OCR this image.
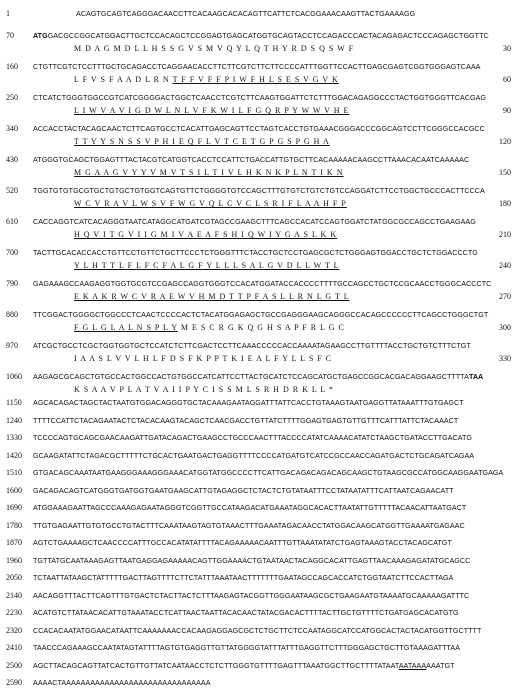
1	ACAGTGCAGTCAGGGACAACCTTCACAAGCACACAGTTCATTCTCACGGAAACAAGTTACTGAAAAGG
70	ATGGACGCCGGCATGGACTTGCTCCACAGCTCCGGAGTGAGCATGGTGCAGTACCTCCAGACCCACTACAGAGACTCCCAGAGCTGGTTC
M D A G M D L L H S S G V S M V Q Y L Q T H Y R D S Q S W F	30
160 CTGTTCGTCTCCTTTGCTGCAGACCTCAGGAACACCTTCTTCGTCTTCTTCCCCATTTGGTTCCACTTGAGCGAGTCGGTGGGAGTCAAA
L F V S F A A D L R N T F F V F F P I W F H L S E S V G V K	60
250 CTCATCTGGGTGGCCGTCATCGGGGACTGGCTCAACCTCGTCTTCAAGTGGATTCTCTTTGGACAGAGGCCCTACTGGTGGGTTCACGAG
L I W V A V I G D W L N L V F K W I L F G Q R P Y W W V H E	90
340 ACCACCTACTACAGCAACTCTTCAGTGCCTCACATTGAGCAGTTCCTAGTCACCTGTGAAACGGGACCCGGCAGTCCTTCGGGCCACGCC
T T Y Y S N S S V P H I E Q F L V T C E T G P G S P G H A	120
430 ATGGGTGCAGCTGGAGTTTACTACGTCATGGTCACCTCCATTCTGACCATTGTGCTTCACAAAAACAAGCCTTAAACACAATCAAAAAC
M G A A G V Y Y V M V T S I L T I V L H K N K P L N T I K N	150
520 TGGTGTGTGCGTGCTGTGCTGTGGTCAGTGTTCTGGGGTGTCCAGCTTTGTGTCTGTCTGTCCAGGATCTTCCTGGCTGCCCACTTCCCA
W C V R A V L W S V F W G V Q L C V C L S R I F L A A H F P	180
610 CACCAGGTCATCACAGGGTAATCATAGGCATGATCGTAGCCGAAGCTTTCAGCCACATCCAGTGGATCTATGGCGCCAGCCTGAAGAAG
H Q V I T G V I I G M I V A E A F S H I Q W I Y G A S L K K	210
700 TACTTGCACACCACCTGTTCCTGTTCTGCTTCCCTCTGGGTTTCTACCTGCTCCTGAGCGCTCTGGGAGTGGACCTGCTCTGGACCCTG
Y L H T T L F L F C F A L G F Y L L L S A L G V D L L W T L	240
790 GAGAAAGCCAAGAGGTGGTGCGTCCGAGCCAGGTGGGTCCACATGGATACCACCCCTTTTGCCAGCCTGCTCCGCAACCTGGGCACCCTC
E K A K R W C V R A E W V H M D T T P F A S L L R N L G T L	270
880 TTCGGACTGGGGCTGGCCCTCAACTCCCCACTCTACATGGAGAGCTGCCGAGGGAAGCAGGGCCACAGCCCCCCTTCAGCCTGGGCTGT
F G L G L A L N S P L Y M E S C R G K Q G H S A P F R L G C	300
970 ATCGCTGCCTCGCTGGTGGTGCTCCATCTCTTCGACTCCTTCAAACCCCCACCAAAATAGAAGCCTTGTTTTACCTGCTGTCTTTCTGT
I A A S L V V L H L F D S F K P P T K I E A L F Y L L S F C	330
1060 AAGAGCGCAGCTGTGCCACTGGCCACTGTGGCCATCATTCCTTACTGCATCTCCAGCATGCTGAGCCGGCACGACAGGAAGCTTTTATAA
K S A A V P L A T V A I I P Y C I S S M L S R H D R K L L *
1150 AGCACAGACTAGCTACTAATGTGGACAGGGTGCTACAAAGAATAGGATTTATTCACCTGTAAAGTAATGAGGTTATAAATTTGTGAGCT
1240 TTTTCCATTCTACAGAATACTCTACACAAGTACAGCTCAACGACCTGTTATCTTTTGGAGTGAGTGTTGTTTCATTTATTCTACAAACT
1330 TCCCCAGTGCAGCGAACAAGATTGATACAGACTGAAGCCTGCCCAACTTTACCCCATATCAAAACATATCTAAGCTGATACCTTGACATG
1420 GCAAGATATTCTAGACGCTTTTTCTGCACTGAATGACTGAGGTTTTCCCCATGATGTCATCCGCCAACCAGATGACTCTGCAGATCAGAA
1510 GTGACAGCAAATAATGAAGGGAAAGGGAAACATGGTATGGCCCCTTCATTGACAGACAGACAGCAAGCTGTAAGCGCCATGGCAAGGAATGAGA
1600 GACAGACAGTCATGGGTGATGGTGAATGAAGCATTGTAGAGGCTCTACTCTGTATAATTTCCTATAATATTTCATTAATCAGAACATT
1690 ATGGAAAGAATTAGCCCAAAGAGAATAGGGTCGGTTGCCATAAGACATGAAATAGGCACACTTAATATTGTTTTTACAACATTAATGACT
1780 TTGTGAGAATTGTGTGCCTGTACTTTCAAATAAGTAGTGTAAACTTTGAAATAGACAACCTATGGACAAGCATGGTTGAAAATGAGAAC
1870 AGTCTGAAAAGCTCAACCCCATTTGCCACATATATTTTACAGAAAAACAATTTGTTAAATATATCTGAGTAAAGTACCTACAGCATGT
1960 TGTTATGCAATAAAGAGTTAATGAGGAGAAAAACAGTTGGAAAACTGTAATAACTACAGGCACATTGAGTTAACAAAGAGATATGCAGCC
2050 TCTAATTATAAGCTATTTTTGACTTAGTTTTCTTCTATTTAAATAACTTTTTTTGAATAGCCAGCACCATCTGGTAATCTTCCACTTAGA
2140 AACAGGTTTACTTCAGTTTGTGACTCTACTTACTCTTTAAGAGTACGGTTGGGAATAAGCGCTGAAGAATGTAAAATGCAAAAAGATTTC
2230 ACATGTCTTATAACACATTGTAAATACCTCATTAACTAATTACACAACTATACGACACTTTTACTTGCTGTTTTCTGATGAGCACATGTG
2320 CCACACAATATGGAACATAATTCAAAAAAACCACAAGAGGAGCGCTCTGCTTCTCCAATAGGCATCCATGGCACTACTACATGGTTGCTTTT
2410 TAACCCAGAAAGCCAATATAGTATTTTAGTGTGAGGTTGTTATGGGGTATTTATTTGAGGTTCTTTGGGAGCTGCTTGTAAAGATTTAA
2500 AGCTTACAGCAGTTATCACTGTTGTTATCAATAACCTCTCTTGGGTGTTTTGAGTTTAAATGGCTTGCTTTTATAATAATAAAAAATGT
2590 AAAACTAAAAAAAAAAAAAAAAAAAAAAAAAAAAAAA
